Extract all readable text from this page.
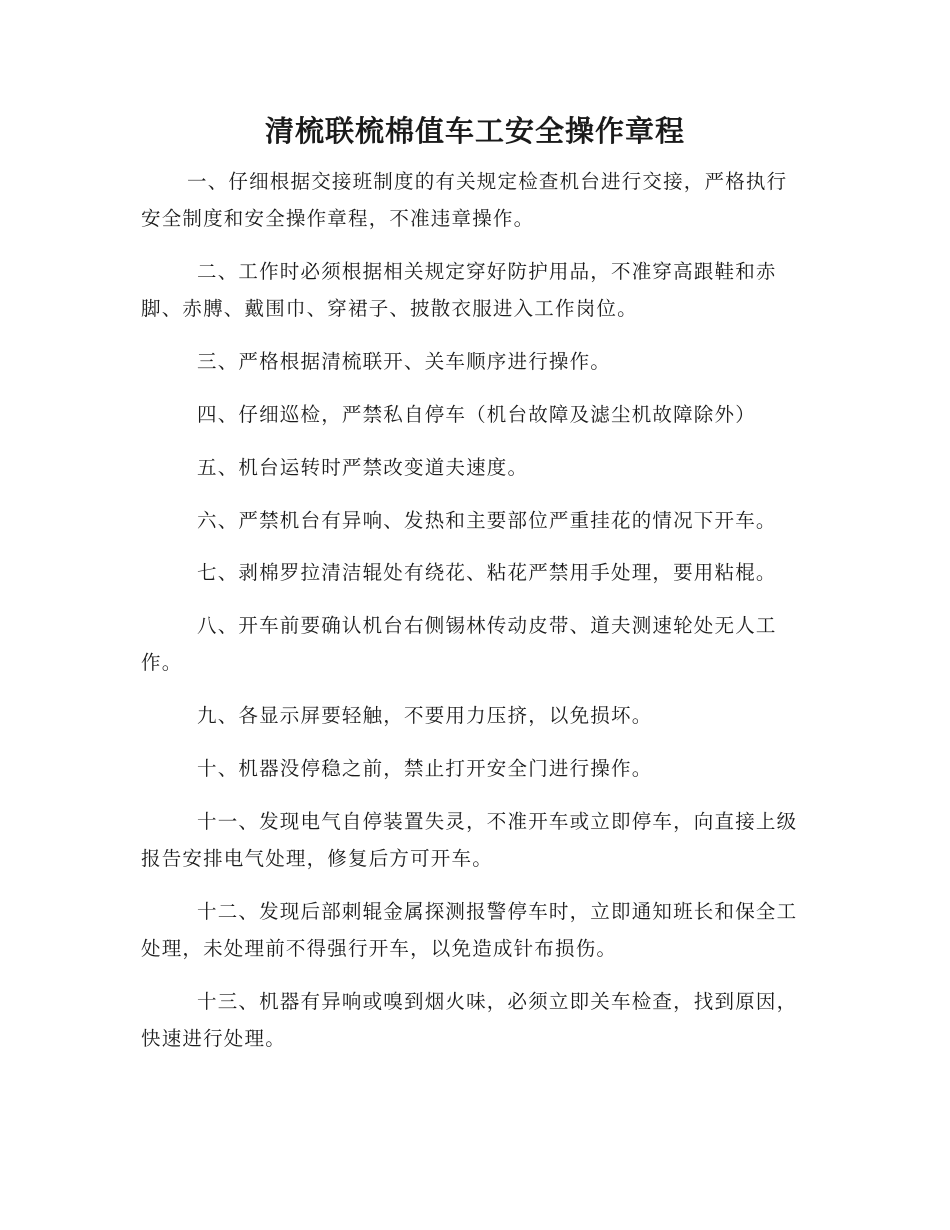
清梳联梳棉值车工安全操作章程

一、仔细根据交接班制度的有关规定检查机台进行交接，严格执行安全制度和安全操作章程，不准违章操作。

二、工作时必须根据相关规定穿好防护用品，不准穿高跟鞋和赤脚、赤膊、戴围巾、穿裙子、披散衣服进入工作岗位。

三、严格根据清梳联开、关车顺序进行操作。

四、仔细巡检，严禁私自停车（机台故障及滤尘机故障除外）

五、机台运转时严禁改变道夫速度。

六、严禁机台有异响、发热和主要部位严重挂花的情况下开车。

七、剥棉罗拉清洁辊处有绕花、粘花严禁用手处理，要用粘棍。

八、开车前要确认机台右侧锡林传动皮带、道夫测速轮处无人工作。

九、各显示屏要轻触，不要用力压挤，以免损坏。

十、机器没停稳之前，禁止打开安全门进行操作。

十一、发现电气自停装置失灵，不准开车或立即停车，向直接上级报告安排电气处理，修复后方可开车。

十二、发现后部刺辊金属探测报警停车时，立即通知班长和保全工处理，未处理前不得强行开车，以免造成针布损伤。

十三、机器有异响或嗅到烟火味，必须立即关车检查，找到原因，快速进行处理。
